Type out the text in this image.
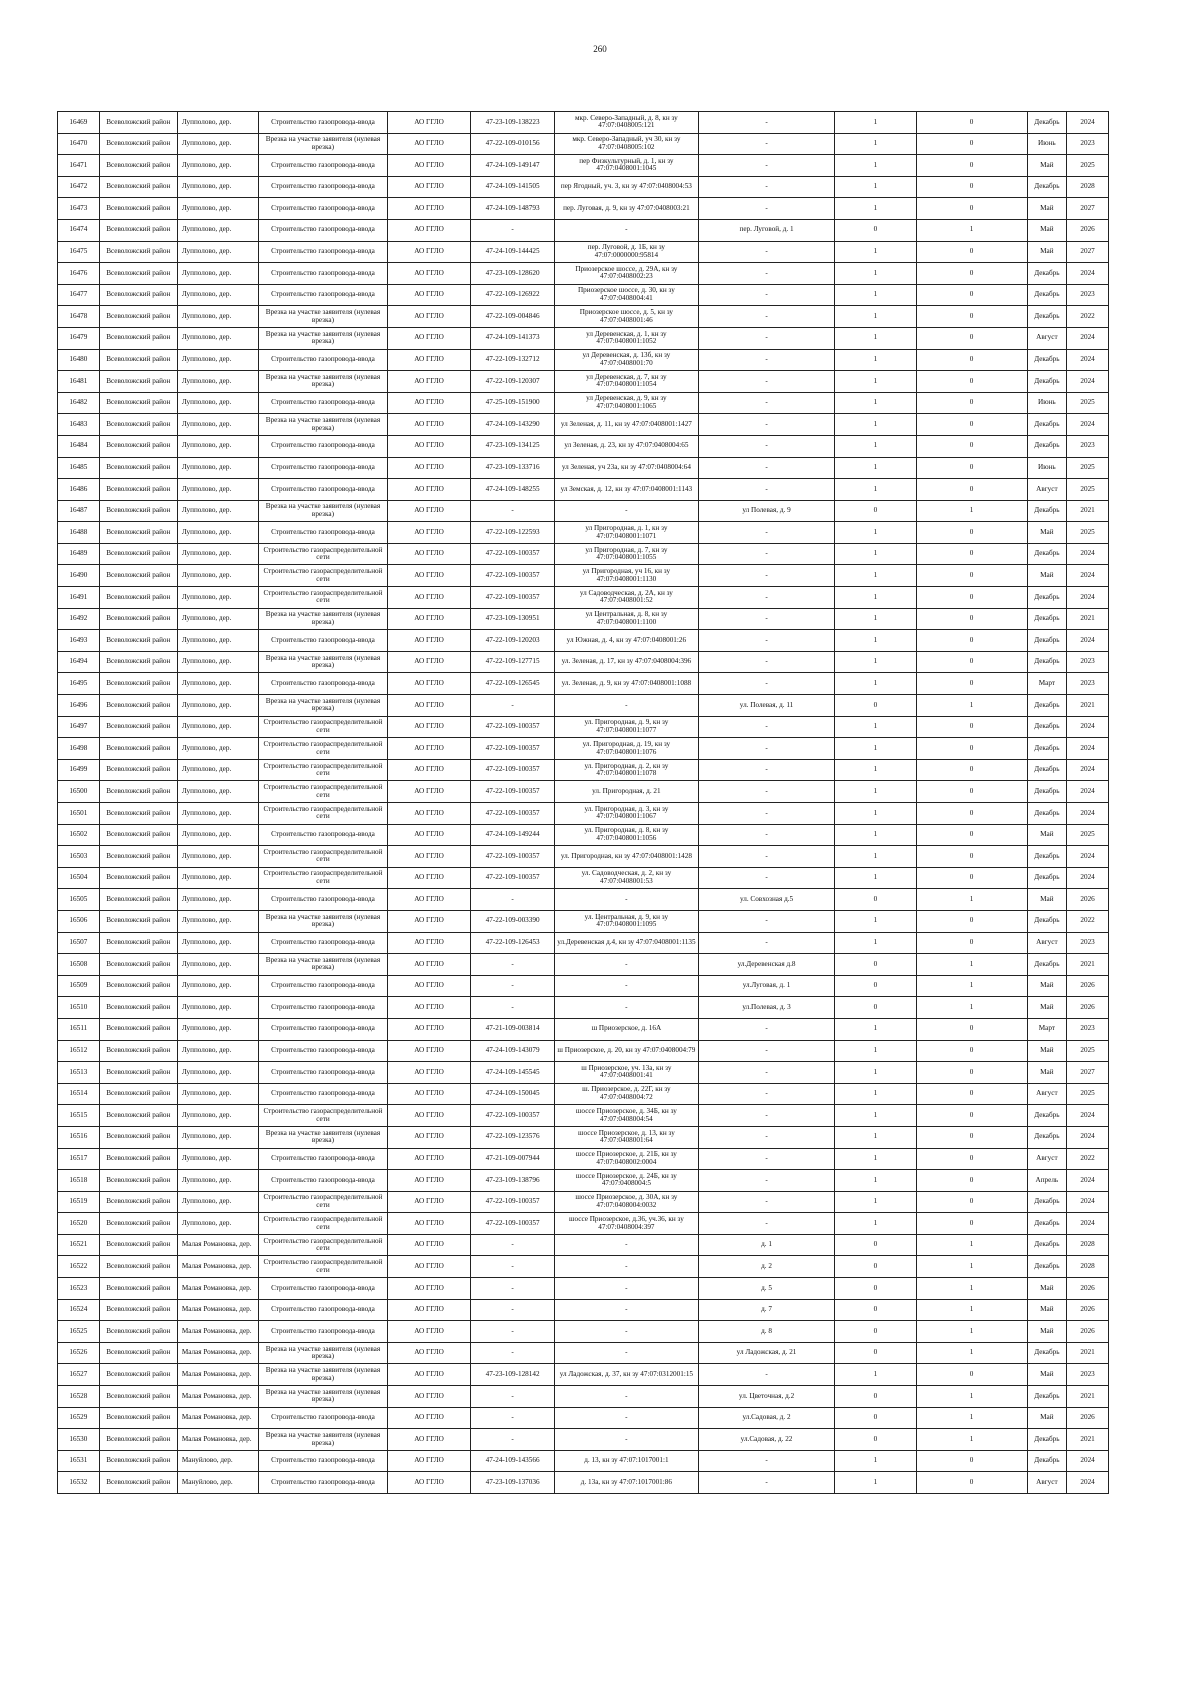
260
16469	Всеволожский район	Лупполово, дер.	Строительство газопровода-ввода	АО ГГЛО	47-23-109-138223	мкр. Северо-Западный, д. 8, кн зу 47:07:0408005:121	-	1	0	Декабрь	2024
16470	Всеволожский район	Лупполово, дер.	Врезка на участке заявителя (нулевая врезка)	АО ГГЛО	47-22-109-010156	мкр. Северо-Западный, уч 30, кн зу 47:07:0408005:102	-	1	0	Июнь	2023
16471	Всеволожский район	Лупполово, дер.	Строительство газопровода-ввода	АО ГГЛО	47-24-109-149147	пер Физкультурный, д. 1, кн зу 47:07:0408001:1045	-	1	0	Май	2025
16472	Всеволожский район	Лупполово, дер.	Строительство газопровода-ввода	АО ГГЛО	47-24-109-141505	пер Ягодный, уч. 3, кн зу 47:07:0408004:53	-	1	0	Декабрь	2028
16473	Всеволожский район	Лупполово, дер.	Строительство газопровода-ввода	АО ГГЛО	47-24-109-148793	пер. Луговая, д. 9, кн зу 47:07:0408003:21	-	1	0	Май	2027
16474	Всеволожский район	Лупполово, дер.	Строительство газопровода-ввода	АО ГГЛО	-	-	пер. Луговой, д. 1	0	1	Май	2026
16475	Всеволожский район	Лупполово, дер.	Строительство газопровода-ввода	АО ГГЛО	47-24-109-144425	пер. Луговой, д. 1Б, кн зу 47:07:0000000:95814	-	1	0	Май	2027
16476	Всеволожский район	Лупполово, дер.	Строительство газопровода-ввода	АО ГГЛО	47-23-109-128620	Приозерское шоссе, д. 29А, кн зу 47:07:0408002:23	-	1	0	Декабрь	2024
16477	Всеволожский район	Лупполово, дер.	Строительство газопровода-ввода	АО ГГЛО	47-22-109-126922	Приозерское шоссе, д. 30, кн зу 47:07:0408004:41	-	1	0	Декабрь	2023
16478	Всеволожский район	Лупполово, дер.	Врезка на участке заявителя (нулевая врезка)	АО ГГЛО	47-22-109-004846	Приозерское шоссе, д. 5, кн зу 47:07:0408001:46	-	1	0	Декабрь	2022
16479	Всеволожский район	Лупполово, дер.	Врезка на участке заявителя (нулевая врезка)	АО ГГЛО	47-24-109-141373	ул Деревенская, д. 1, кн зу 47:07:0408001:1052	-	1	0	Август	2024
16480	Всеволожский район	Лупполово, дер.	Строительство газопровода-ввода	АО ГГЛО	47-22-109-132712	ул Деревенская, д. 13б, кн зу 47:07:0408001:70	-	1	0	Декабрь	2024
16481	Всеволожский район	Лупполово, дер.	Врезка на участке заявителя (нулевая врезка)	АО ГГЛО	47-22-109-120307	ул Деревенская, д. 7, кн зу 47:07:0408001:1054	-	1	0	Декабрь	2024
16482	Всеволожский район	Лупполово, дер.	Строительство газопровода-ввода	АО ГГЛО	47-25-109-151900	ул Деревенская, д. 9, кн зу 47:07:0408001:1065	-	1	0	Июнь	2025
16483	Всеволожский район	Лупполово, дер.	Врезка на участке заявителя (нулевая врезка)	АО ГГЛО	47-24-109-143290	ул Зеленая, д. 11, кн зу 47:07:0408001:1427	-	1	0	Декабрь	2024
16484	Всеволожский район	Лупполово, дер.	Строительство газопровода-ввода	АО ГГЛО	47-23-109-134125	ул Зеленая, д. 23, кн зу 47:07:0408004:65	-	1	0	Декабрь	2023
16485	Всеволожский район	Лупполово, дер.	Строительство газопровода-ввода	АО ГГЛО	47-23-109-133716	ул Зеленая, уч 23а, кн зу 47:07:0408004:64	-	1	0	Июнь	2025
16486	Всеволожский район	Лупполово, дер.	Строительство газопровода-ввода	АО ГГЛО	47-24-109-148255	ул Земская, д. 12, кн зу 47:07:0408001:1143	-	1	0	Август	2025
16487	Всеволожский район	Лупполово, дер.	Врезка на участке заявителя (нулевая врезка)	АО ГГЛО	-	-	ул Полевая, д. 9	0	1	Декабрь	2021
16488	Всеволожский район	Лупполово, дер.	Строительство газопровода-ввода	АО ГГЛО	47-22-109-122593	ул Пригородная, д. 1, кн зу 47:07:0408001:1071	-	1	0	Май	2025
16489	Всеволожский район	Лупполово, дер.	Строительство газораспределительной сети	АО ГГЛО	47-22-109-100357	ул Пригородная, д. 7, кн зу 47:07:0408001:1055	-	1	0	Декабрь	2024
16490	Всеволожский район	Лупполово, дер.	Строительство газораспределительной сети	АО ГГЛО	47-22-109-100357	ул Пригородная, уч 16, кн зу 47:07:0408001:1130	-	1	0	Май	2024
16491	Всеволожский район	Лупполово, дер.	Строительство газораспределительной сети	АО ГГЛО	47-22-109-100357	ул Садоводческая, д. 2А, кн зу 47:07:0408001:52	-	1	0	Декабрь	2024
16492	Всеволожский район	Лупполово, дер.	Врезка на участке заявителя (нулевая врезка)	АО ГГЛО	47-23-109-130951	ул Центральная, д. 8, кн зу 47:07:0408001:1100	-	1	0	Декабрь	2021
16493	Всеволожский район	Лупполово, дер.	Строительство газопровода-ввода	АО ГГЛО	47-22-109-120203	ул Южная, д. 4, кн зу 47:07:0408001:26	-	1	0	Декабрь	2024
16494	Всеволожский район	Лупполово, дер.	Врезка на участке заявителя (нулевая врезка)	АО ГГЛО	47-22-109-127715	ул. Зеленая, д. 17, кн зу 47:07:0408004:396	-	1	0	Декабрь	2023
16495	Всеволожский район	Лупполово, дер.	Строительство газопровода-ввода	АО ГГЛО	47-22-109-126545	ул. Зеленая, д. 9, кн зу 47:07:0408001:1088	-	1	0	Март	2023
16496	Всеволожский район	Лупполово, дер.	Врезка на участке заявителя (нулевая врезка)	АО ГГЛО	-	-	ул. Полевая, д. 11	0	1	Декабрь	2021
16497	Всеволожский район	Лупполово, дер.	Строительство газораспределительной сети	АО ГГЛО	47-22-109-100357	ул. Пригородная, д. 9, кн зу 47:07:0408001:1077	-	1	0	Декабрь	2024
16498	Всеволожский район	Лупполово, дер.	Строительство газораспределительной сети	АО ГГЛО	47-22-109-100357	ул. Пригородная, д. 19, кн зу 47:07:0408001:1076	-	1	0	Декабрь	2024
16499	Всеволожский район	Лупполово, дер.	Строительство газораспределительной сети	АО ГГЛО	47-22-109-100357	ул. Пригородная, д. 2, кн зу 47:07:0408001:1078	-	1	0	Декабрь	2024
16500	Всеволожский район	Лупполово, дер.	Строительство газораспределительной сети	АО ГГЛО	47-22-109-100357	ул. Пригородная, д. 21	-	1	0	Декабрь	2024
16501	Всеволожский район	Лупполово, дер.	Строительство газораспределительной сети	АО ГГЛО	47-22-109-100357	ул. Пригородная, д. 3, кн зу 47:07:0408001:1067	-	1	0	Декабрь	2024
16502	Всеволожский район	Лупполово, дер.	Строительство газопровода-ввода	АО ГГЛО	47-24-109-149244	ул. Пригородная, д. 8, кн зу 47:07:0408001:1056	-	1	0	Май	2025
16503	Всеволожский район	Лупполово, дер.	Строительство газораспределительной сети	АО ГГЛО	47-22-109-100357	ул. Пригородная, кн зу 47:07:0408001:1428	-	1	0	Декабрь	2024
16504	Всеволожский район	Лупполово, дер.	Строительство газораспределительной сети	АО ГГЛО	47-22-109-100357	ул. Садоводческая, д. 2, кн зу 47:07:0408001:53	-	1	0	Декабрь	2024
16505	Всеволожский район	Лупполово, дер.	Строительство газопровода-ввода	АО ГГЛО	-	-	ул. Совхозная д.5	0	1	Май	2026
16506	Всеволожский район	Лупполово, дер.	Врезка на участке заявителя (нулевая врезка)	АО ГГЛО	47-22-109-003390	ул. Центральная, д. 9, кн зу 47:07:0408001:1095	-	1	0	Декабрь	2022
16507	Всеволожский район	Лупполово, дер.	Строительство газопровода-ввода	АО ГГЛО	47-22-109-126453	ул.Деревенская д.4, кн зу 47:07:0408001:1135	-	1	0	Август	2023
16508	Всеволожский район	Лупполово, дер.	Врезка на участке заявителя (нулевая врезка)	АО ГГЛО	-	-	ул.Деревенская д.8	0	1	Декабрь	2021
16509	Всеволожский район	Лупполово, дер.	Строительство газопровода-ввода	АО ГГЛО	-	-	ул.Луговая, д. 1	0	1	Май	2026
16510	Всеволожский район	Лупполово, дер.	Строительство газопровода-ввода	АО ГГЛО	-	-	ул.Полевая, д. 3	0	1	Май	2026
16511	Всеволожский район	Лупполово, дер.	Строительство газопровода-ввода	АО ГГЛО	47-21-109-003814	ш Приозерское, д. 16А	-	1	0	Март	2023
16512	Всеволожский район	Лупполово, дер.	Строительство газопровода-ввода	АО ГГЛО	47-24-109-143079	ш Приозерское, д. 20, кн зу 47:07:0408004:79	-	1	0	Май	2025
16513	Всеволожский район	Лупполово, дер.	Строительство газопровода-ввода	АО ГГЛО	47-24-109-145545	ш Приозерское, уч. 13а, кн зу 47:07:0408001:41	-	1	0	Май	2027
16514	Всеволожский район	Лупполово, дер.	Строительство газопровода-ввода	АО ГГЛО	47-24-109-150045	ш. Приозерское, д. 22Г, кн зу 47:07:0408004:72	-	1	0	Август	2025
16515	Всеволожский район	Лупполово, дер.	Строительство газораспределительной сети	АО ГГЛО	47-22-109-100357	шоссе Приозерское, д. 34Б, кн зу 47:07:0408004:54	-	1	0	Декабрь	2024
16516	Всеволожский район	Лупполово, дер.	Врезка на участке заявителя (нулевая врезка)	АО ГГЛО	47-22-109-123576	шоссе Приозерское, д. 13, кн зу 47:07:0408001:64	-	1	0	Декабрь	2024
16517	Всеволожский район	Лупполово, дер.	Строительство газопровода-ввода	АО ГГЛО	47-21-109-007944	шоссе Приозерское, д. 21Б, кн зу 47:07:0408002:0004	-	1	0	Август	2022
16518	Всеволожский район	Лупполово, дер.	Строительство газопровода-ввода	АО ГГЛО	47-23-109-138796	шоссе Приозерское, д. 24Б, кн зу 47:07:0408004:5	-	1	0	Апрель	2024
16519	Всеволожский район	Лупполово, дер.	Строительство газораспределительной сети	АО ГГЛО	47-22-109-100357	шоссе Приозерское, д. 30А, кн зу 47:07:0408004:0032	-	1	0	Декабрь	2024
16520	Всеволожский район	Лупполово, дер.	Строительство газораспределительной сети	АО ГГЛО	47-22-109-100357	шоссе Приозерское, д.36, уч.36, кн зу 47:07:0408004:397	-	1	0	Декабрь	2024
16521	Всеволожский район	Малая Романовка, дер.	Строительство газораспределительной сети	АО ГГЛО	-	-	д. 1	0	1	Декабрь	2028
16522	Всеволожский район	Малая Романовка, дер.	Строительство газораспределительной сети	АО ГГЛО	-	-	д. 2	0	1	Декабрь	2028
16523	Всеволожский район	Малая Романовка, дер.	Строительство газопровода-ввода	АО ГГЛО	-	-	д. 5	0	1	Май	2026
16524	Всеволожский район	Малая Романовка, дер.	Строительство газопровода-ввода	АО ГГЛО	-	-	д. 7	0	1	Май	2026
16525	Всеволожский район	Малая Романовка, дер.	Строительство газопровода-ввода	АО ГГЛО	-	-	д. 8	0	1	Май	2026
16526	Всеволожский район	Малая Романовка, дер.	Врезка на участке заявителя (нулевая врезка)	АО ГГЛО	-	-	ул Ладожская, д. 21	0	1	Декабрь	2021
16527	Всеволожский район	Малая Романовка, дер.	Врезка на участке заявителя (нулевая врезка)	АО ГГЛО	47-23-109-128142	ул Ладожская, д. 37, кн зу 47:07:0312001:15	-	1	0	Май	2023
16528	Всеволожский район	Малая Романовка, дер.	Врезка на участке заявителя (нулевая врезка)	АО ГГЛО	-	-	ул. Цветочная, д.2	0	1	Декабрь	2021
16529	Всеволожский район	Малая Романовка, дер.	Строительство газопровода-ввода	АО ГГЛО	-	-	ул.Садовая, д. 2	0	1	Май	2026
16530	Всеволожский район	Малая Романовка, дер.	Врезка на участке заявителя (нулевая врезка)	АО ГГЛО	-	-	ул.Садовая, д. 22	0	1	Декабрь	2021
16531	Всеволожский район	Мануйлово, дер.	Строительство газопровода-ввода	АО ГГЛО	47-24-109-143566	д. 13, кн зу 47:07:1017001:1	-	1	0	Декабрь	2024
16532	Всеволожский район	Мануйлово, дер.	Строительство газопровода-ввода	АО ГГЛО	47-23-109-137036	д. 13а, кн зу 47:07:1017001:86	-	1	0	Август	2024
